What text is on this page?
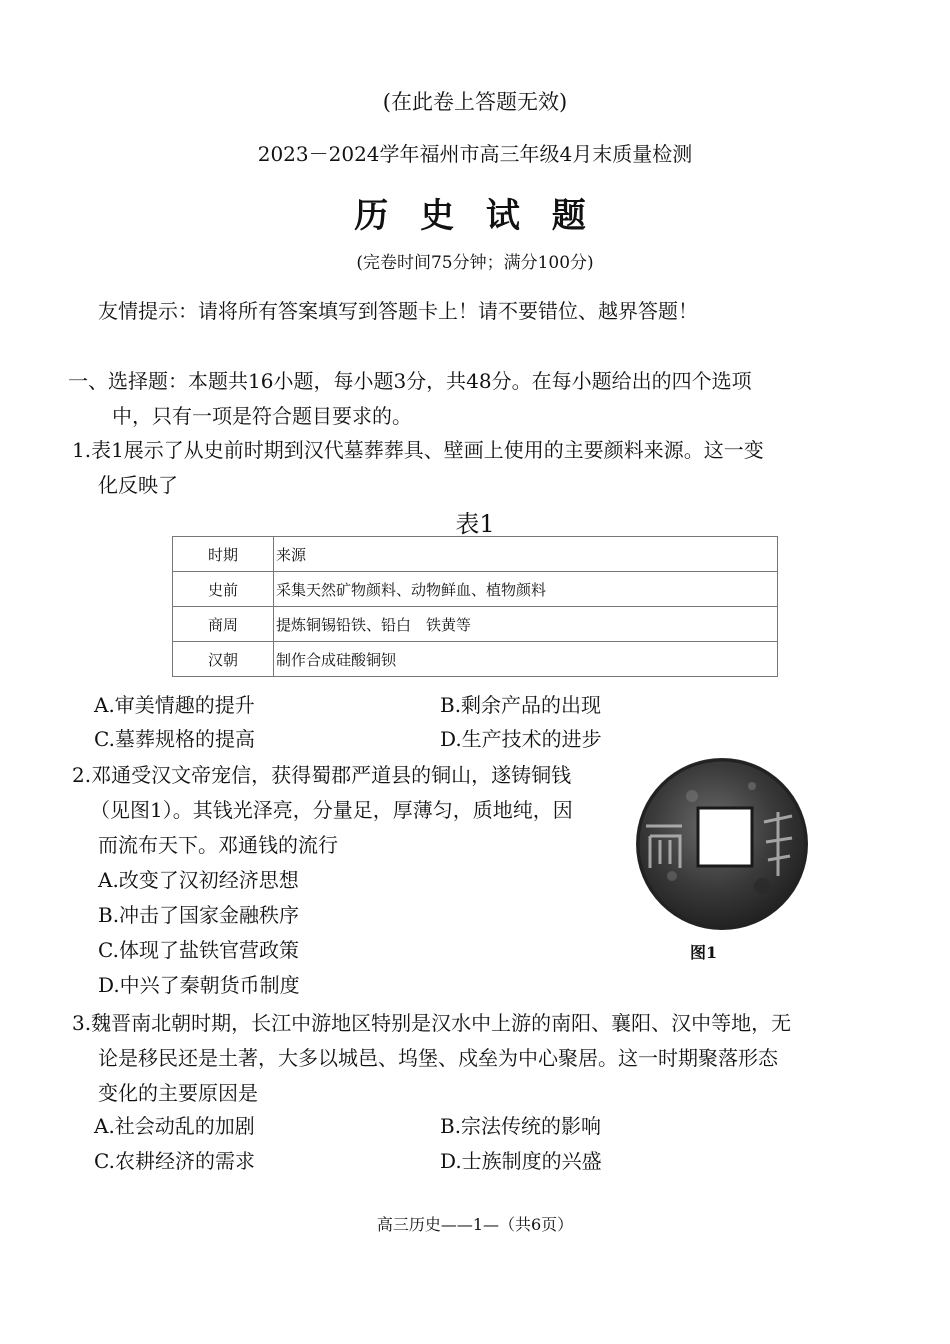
(在此卷上答题无效)
2023－2024学年福州市高三年级4月末质量检测
历 史 试 题
(完卷时间75分钟；满分100分)
友情提示：请将所有答案填写到答题卡上！请不要错位、越界答题！
一、选择题：本题共16小题，每小题3分，共48分。在每小题给出的四个选项
中，只有一项是符合题目要求的。
1.表1展示了从史前时期到汉代墓葬葬具、壁画上使用的主要颜料来源。这一变
化反映了
表1
时期	来源
史前	采集天然矿物颜料、动物鲜血、植物颜料
商周	提炼铜锡铅铁、铅白　铁黄等
汉朝	制作合成硅酸铜钡
A.审美情趣的提升	B.剩余产品的出现
C.墓葬规格的提高	D.生产技术的进步
2.邓通受汉文帝宠信，获得蜀郡严道县的铜山，遂铸铜钱
（见图1）。其钱光泽亮，分量足，厚薄匀，质地纯，因
而流布天下。邓通钱的流行
A.改变了汉初经济思想
B.冲击了国家金融秩序
C.体现了盐铁官营政策
D.中兴了秦朝货币制度
图1
3.魏晋南北朝时期，长江中游地区特别是汉水中上游的南阳、襄阳、汉中等地，无
论是移民还是土著，大多以城邑、坞堡、戍垒为中心聚居。这一时期聚落形态
变化的主要原因是
A.社会动乱的加剧	B.宗法传统的影响
C.农耕经济的需求	D.士族制度的兴盛
高三历史——1—（共6页）
